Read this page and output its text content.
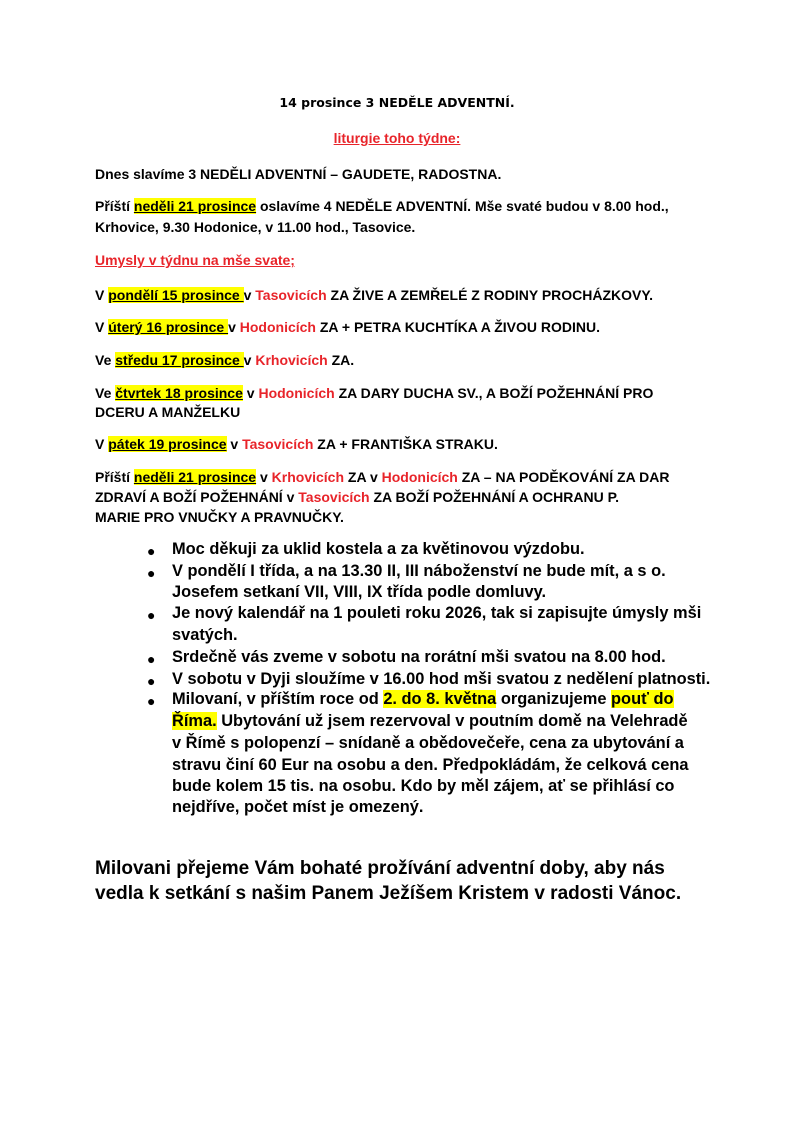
14 prosince 3 NEDĚLE ADVENTNÍ.

liturgie toho týdne:

Dnes slavíme 3 NEDĚLI ADVENTNÍ – GAUDETE, RADOSTNA.

Příští neděli 21 prosince oslavíme 4 NEDĚLE ADVENTNÍ. Mše svaté budou v 8.00 hod.,

Krhovice, 9.30 Hodonice, v 11.00 hod., Tasovice.

Umysly v týdnu na mše svate;

V pondělí 15 prosince v Tasovicích ZA ŽIVE A ZEMŘELÉ Z RODINY PROCHÁZKOVY.

V úterý 16 prosince v Hodonicích ZA + PETRA KUCHTÍKA A ŽIVOU RODINU.

Ve středu 17 prosince v Krhovicích ZA.

Ve čtvrtek 18 prosince v Hodonicích ZA DARY DUCHA SV., A BOŽÍ POŽEHNÁNÍ PRO

DCERU A MANŽELKU

V pátek 19 prosince v Tasovicích ZA + FRANTIŠKA STRAKU.

Příští neděli 21 prosince v Krhovicích ZA v Hodonicích ZA – NA PODĚKOVÁNÍ ZA DAR

ZDRAVÍ A BOŽÍ POŽEHNÁNÍ v Tasovicích ZA BOŽÍ POŽEHNÁNÍ A OCHRANU P.

MARIE PRO VNUČKY A PRAVNUČKY.

● Moc děkuji za uklid kostela a za květinovou výzdobu.

● V pondělí I třída, a na 13.30 II, III náboženství ne bude mít, a s o.

Josefem setkaní VII, VIII, IX třída podle domluvy.

● Je nový kalendář na 1 pouleti roku 2026, tak si zapisujte úmysly mši

svatých.

● Srdečně vás zveme v sobotu na rorátní mši svatou na 8.00 hod.

● V sobotu v Dyji sloužíme v 16.00 hod mši svatou z nedělení platnosti.

● Milovaní, v příštím roce od 2. do 8. května organizujeme pouť do

Říma. Ubytování už jsem rezervoval v poutním domě na Velehradě

v Římě s polopenzí – snídaně a obědovečeře, cena za ubytování a

stravu činí 60 Eur na osobu a den. Předpokládám, že celková cena

bude kolem 15 tis. na osobu. Kdo by měl zájem, ať se přihlásí co

nejdříve, počet míst je omezený.

Milovani přejeme Vám bohaté prožívání adventní doby, aby nás

vedla k setkání s našim Panem Ježíšem Kristem v radosti Vánoc.
